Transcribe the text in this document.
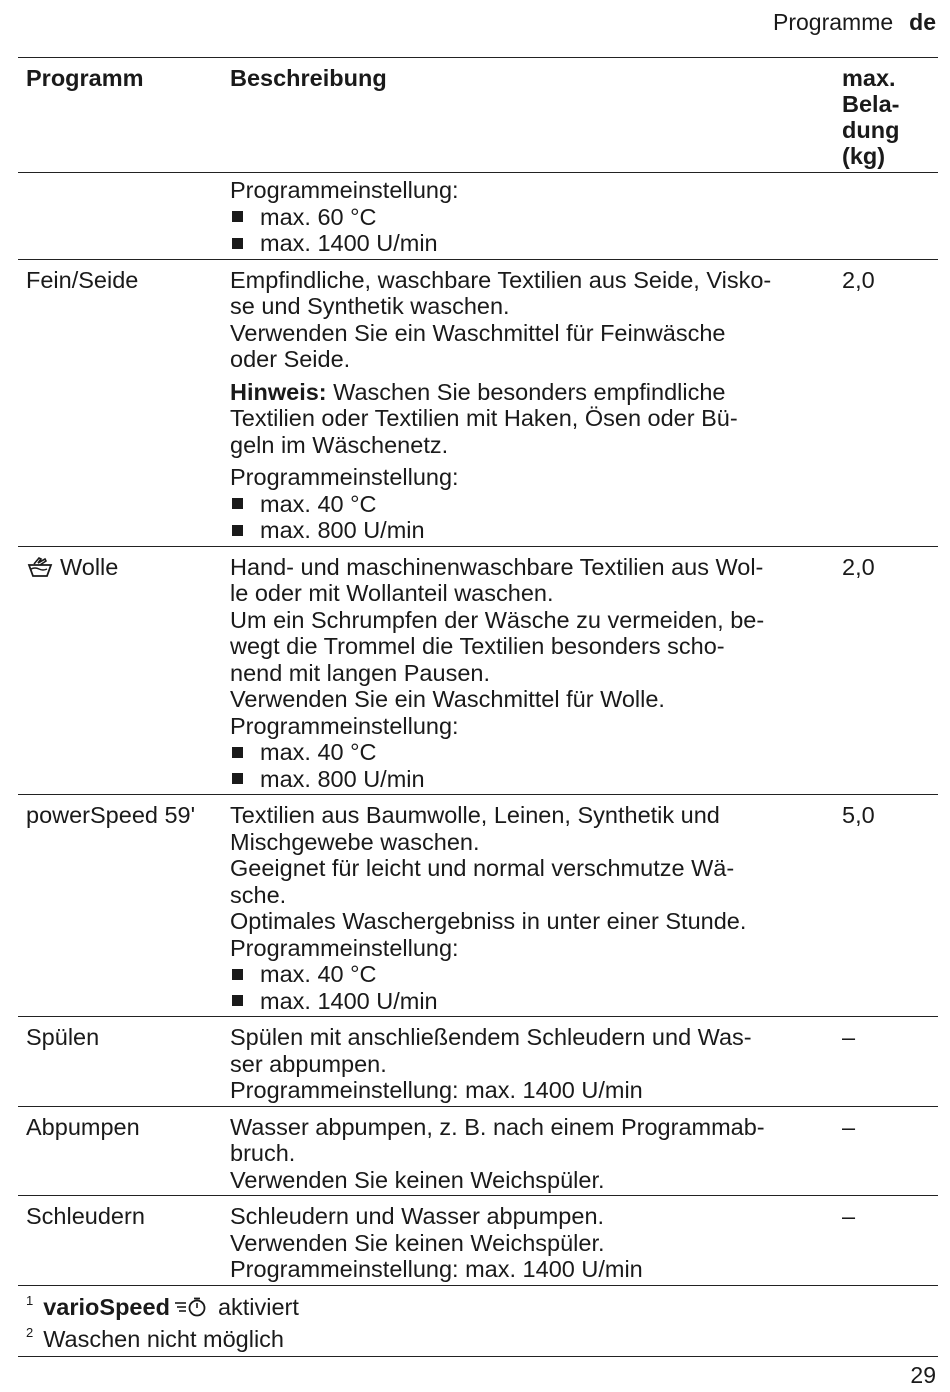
Programme de
Programm	Beschreibung	max.
Bela-
dung
(kg)
Programmeinstellung:
max. 60 °C
max. 1400 U/min
Fein/Seide	Empfindliche, waschbare Textilien aus Seide, Visko-
se und Synthetik waschen.
Verwenden Sie ein Waschmittel für Feinwäsche
oder Seide.
Hinweis: Waschen Sie besonders empfindliche
Textilien oder Textilien mit Haken, Ösen oder Bü-
geln im Wäschenetz.
Programmeinstellung:
max. 40 °C
max. 800 U/min
2,0
Wolle	Hand- und maschinenwaschbare Textilien aus Wol-
le oder mit Wollanteil waschen.
Um ein Schrumpfen der Wäsche zu vermeiden, be-
wegt die Trommel die Textilien besonders scho-
nend mit langen Pausen.
Verwenden Sie ein Waschmittel für Wolle.
Programmeinstellung:
max. 40 °C
max. 800 U/min
2,0
powerSpeed 59'	Textilien aus Baumwolle, Leinen, Synthetik und
Mischgewebe waschen.
Geeignet für leicht und normal verschmutze Wä-
sche.
Optimales Waschergebniss in unter einer Stunde.
Programmeinstellung:
max. 40 °C
max. 1400 U/min
5,0
Spülen	Spülen mit anschließendem Schleudern und Was-
ser abpumpen.
Programmeinstellung: max. 1400 U/min
–
Abpumpen	Wasser abpumpen, z. B. nach einem Programmab-
bruch.
Verwenden Sie keinen Weichspüler.
–
Schleudern	Schleudern und Wasser abpumpen.
Verwenden Sie keinen Weichspüler.
Programmeinstellung: max. 1400 U/min
–
$^1$ varioSpeed aktiviert
$^2$ Waschen nicht möglich
29
